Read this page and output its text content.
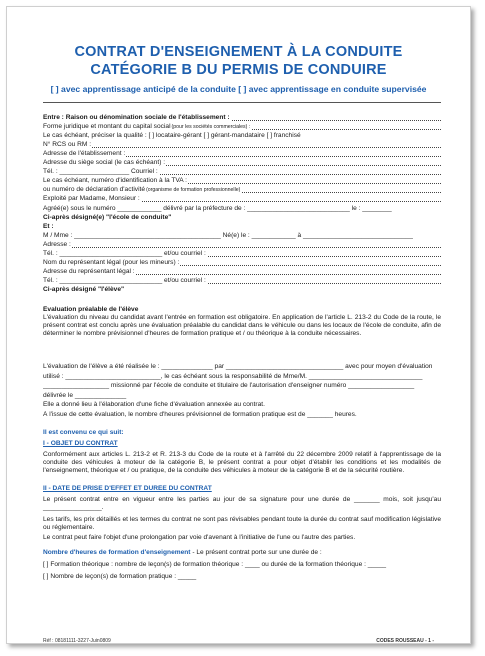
CONTRAT D'ENSEIGNEMENT À LA CONDUITE
CATÉGORIE B DU PERMIS DE CONDUIRE
[ ] avec apprentissage anticipé de la conduite [ ] avec apprentissage en conduite supervisée
Entre : Raison ou dénomination sociale de l'établissement :
Forme juridique et montant du capital social(pour les sociétés commerciales) :
Le cas échéant, préciser la qualité : [ ] locataire-gérant [ ] gérant-mandataire [ ] franchisé
N° RCS ou RM :
Adresse de l'établissement :
Adresse du siège social (le cas échéant) :
Tél. : ___________________ Courriel :
Le cas échéant, numéro d'identification à la TVA :
ou numéro de déclaration d'activité(organisme de formation professionnelle)
Exploité par Madame, Monsieur :
Agréé(e) sous le numéro ____________ délivré par la préfecture de : ____________________________ le : ________
Ci-après désigné(e) "l'école de conduite"
Et :
M / Mme : ________________________________________ Né(e) le : ____________ à ______________________________
Adresse :
Tél. : ____________________________ et/ou courriel :
Nom du représentant légal (pour les mineurs) :
Adresse du représentant légal :
Tél. : ____________________________ et/ou courriel :
Ci-après désigné "l'élève"
Évaluation préalable de l'élève
L'évaluation du niveau du candidat avant l'entrée en formation est obligatoire. En application de l'article L. 213-2 du Code de la route, le présent contrat est conclu après une évaluation préalable du candidat dans le véhicule ou dans les locaux de l'école de conduite, afin de déterminer le nombre prévisionnel d'heures de formation pratique et / ou théorique à la conduite nécessaires.
L'évaluation de l'élève a été réalisée le : ______________ par ________________________________ avec pour moyen d'évaluation
utilisé : __________________________, le cas échéant sous la responsabilité de Mme/M. _______________________________
__________________ missionné par l'école de conduite et titulaire de l'autorisation d'enseigner numéro __________________
délivrée le ______________
Elle a donné lieu à l'élaboration d'une fiche d'évaluation annexée au contrat.
À l'issue de cette évaluation, le nombre d'heures prévisionnel de formation pratique est de _______ heures.
Il est convenu ce qui suit:
I - OBJET DU CONTRAT
Conformément aux articles L. 213-2 et R. 213-3 du Code de la route et à l'arrêté du 22 décembre 2009 relatif à l'apprentissage de la conduite des véhicules à moteur de la catégorie B, le présent contrat a pour objet d'établir les conditions et les modalités de l'enseignement, théorique et / ou pratique, de la conduite des véhicules à moteur de la catégorie B et de la sécurité routière.
II - DATE DE PRISE D'EFFET ET DURÉE DU CONTRAT
Le présent contrat entre en vigueur entre les parties au jour de sa signature pour une durée de _______ mois, soit jusqu'au ________________.
Les tarifs, les prix détaillés et les termes du contrat ne sont pas révisables pendant toute la durée du contrat sauf modification législative ou réglementaire.
Le contrat peut faire l'objet d'une prolongation par voie d'avenant à l'initiative de l'une ou l'autre des parties.
Nombre d'heures de formation d'enseignement - Le présent contrat porte sur une durée de :
[ ] Formation théorique : nombre de leçon(s) de formation théorique : ____ ou durée de la formation théorique : _____
[ ] Nombre de leçon(s) de formation pratique : _____
Réf : 08181111-3227-Juin0809	CODES ROUSSEAU - 1 -
